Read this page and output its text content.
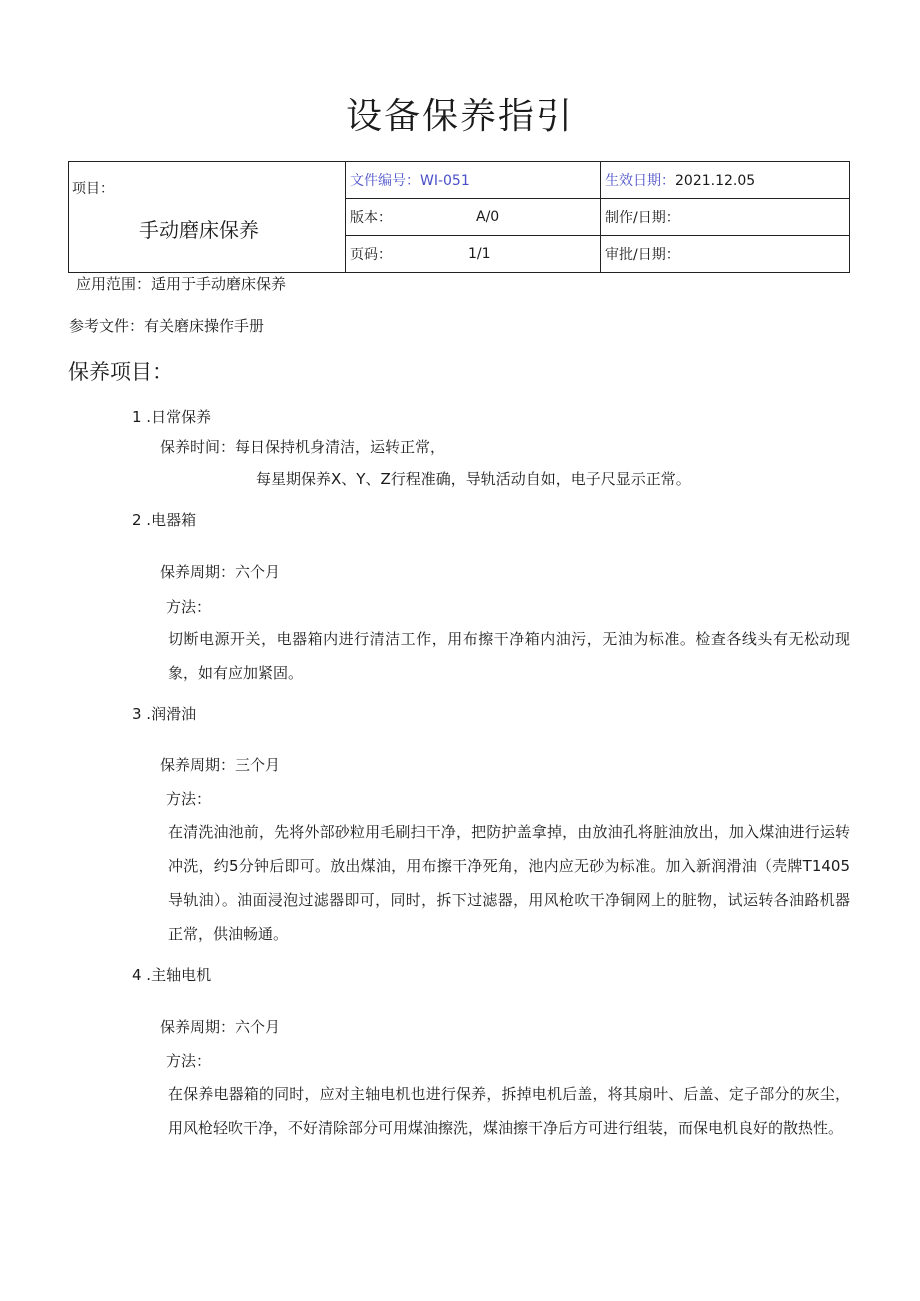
设备保养指引
项目：
手动磨床保养	文件编号：WI-051	生效日期：2021.12.05
	版本： A/0	制作/日期：
	页码： 1/1	审批/日期：
应用范围：适用于手动磨床保养
参考文件：有关磨床操作手册
保养项目：
1 .日常保养
保养时间：每日保持机身清洁，运转正常，
每星期保养X、Y、Z行程准确，导轨活动自如，电子尺显示正常。
2 .电器箱
保养周期：六个月
方法：

切断电源开关，电器箱内进行清洁工作，用布擦干净箱内油污，无油为标准。检查各线头有无松动现象，如有应加紧固。

3 .润滑油
保养周期：三个月
方法：

在清洗油池前，先将外部砂粒用毛刷扫干净，把防护盖拿掉，由放油孔将脏油放出，加入煤油进行运转冲洗，约5分钟后即可。放出煤油，用布擦干净死角，池内应无砂为标准。加入新润滑油（壳牌T1405导轨油）。油面浸泡过滤器即可，同时，拆下过滤器，用风枪吹干净铜网上的脏物，试运转各油路机器正常，供油畅通。

4 .主轴电机
保养周期：六个月
方法：

在保养电器箱的同时，应对主轴电机也进行保养，拆掉电机后盖，将其扇叶、后盖、定子部分的灰尘，用风枪轻吹干净，不好清除部分可用煤油擦洗，煤油擦干净后方可进行组装，而保电机良好的散热性。
